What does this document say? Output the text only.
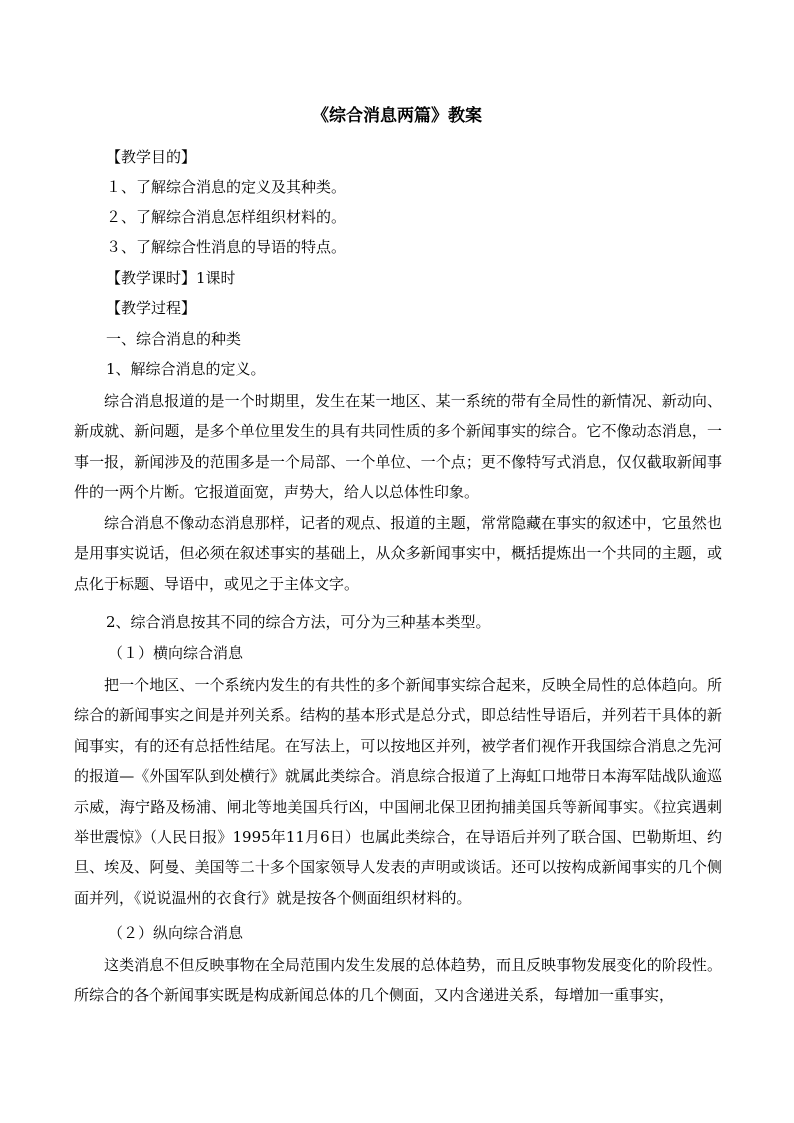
《综合消息两篇》教案
【教学目的】
１、了解综合消息的定义及其种类。
２、了解综合消息怎样组织材料的。
３、了解综合性消息的导语的特点。
【教学课时】1课时
【教学过程】
一、综合消息的种类
1、解综合消息的定义。
综合消息报道的是一个时期里，发生在某一地区、某一系统的带有全局性的新情况、新动向、新成就、新问题，是多个单位里发生的具有共同性质的多个新闻事实的综合。它不像动态消息，一事一报，新闻涉及的范围多是一个局部、一个单位、一个点；更不像特写式消息，仅仅截取新闻事件的一两个片断。它报道面宽，声势大，给人以总体性印象。
综合消息不像动态消息那样，记者的观点、报道的主题，常常隐藏在事实的叙述中，它虽然也是用事实说话，但必须在叙述事实的基础上，从众多新闻事实中，概括提炼出一个共同的主题，或点化于标题、导语中，或见之于主体文字。
2、综合消息按其不同的综合方法，可分为三种基本类型。
（１）横向综合消息
把一个地区、一个系统内发生的有共性的多个新闻事实综合起来，反映全局性的总体趋向。所综合的新闻事实之间是并列关系。结构的基本形式是总分式，即总结性导语后，并列若干具体的新闻事实，有的还有总括性结尾。在写法上，可以按地区并列，被学者们视作开我国综合消息之先河的报道—《外国军队到处横行》就属此类综合。消息综合报道了上海虹口地带日本海军陆战队逾巡示威，海宁路及杨浦、闸北等地美国兵行凶，中国闸北保卫团拘捕美国兵等新闻事实。《拉宾遇刺举世震惊》（人民日报》1995年11月6日）也属此类综合，在导语后并列了联合国、巴勒斯坦、约旦、埃及、阿曼、美国等二十多个国家领导人发表的声明或谈话。还可以按构成新闻事实的几个侧面并列，《说说温州的衣食行》就是按各个侧面组织材料的。
（２）纵向综合消息
这类消息不但反映事物在全局范围内发生发展的总体趋势，而且反映事物发展变化的阶段性。所综合的各个新闻事实既是构成新闻总体的几个侧面，又内含递进关系，每增加一重事实，
